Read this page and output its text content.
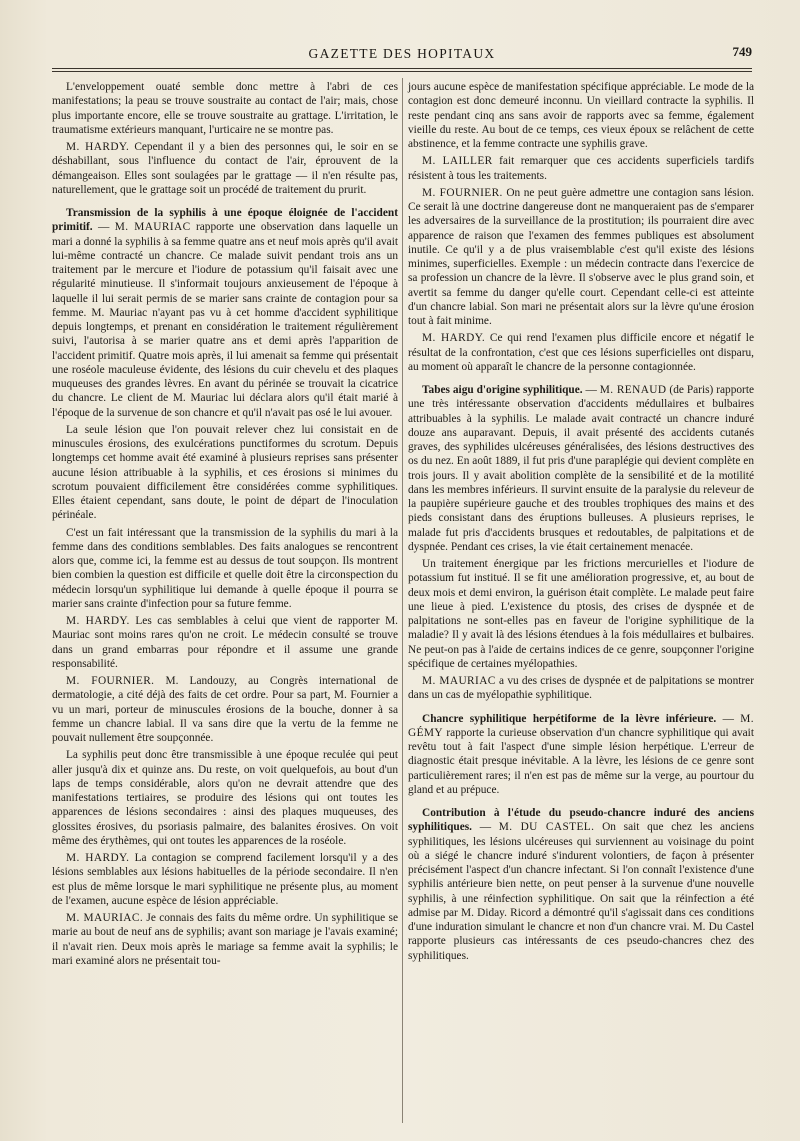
GAZETTE DES HOPITAUX	749

L'enveloppement ouaté semble donc mettre à l'abri de ces manifestations; la peau se trouve soustraite au contact de l'air; mais, chose plus importante encore, elle se trouve soustraite au grattage. L'irritation, le traumatisme extérieurs manquant, l'urticaire ne se montre pas.

M. HARDY. Cependant il y a bien des personnes qui, le soir en se déshabillant, sous l'influence du contact de l'air, éprouvent de la démangeaison. Elles sont soulagées par le grattage — il n'en résulte pas, naturellement, que le grattage soit un procédé de traitement du prurit.

Transmission de la syphilis à une époque éloignée de l'accident primitif. — M. MAURIAC rapporte une observation dans laquelle un mari a donné la syphilis à sa femme quatre ans et neuf mois après qu'il avait lui-même contracté un chancre. Ce malade suivit pendant trois ans un traitement par le mercure et l'iodure de potassium qu'il faisait avec une régularité minutieuse. Il s'informait toujours anxieusement de l'époque à laquelle il lui serait permis de se marier sans crainte de contagion pour sa femme. M. Mauriac n'ayant pas vu à cet homme d'accident syphilitique depuis longtemps, et prenant en considération le traitement régulièrement suivi, l'autorisa à se marier quatre ans et demi après l'apparition de l'accident primitif. Quatre mois après, il lui amenait sa femme qui présentait une roséole maculeuse évidente, des lésions du cuir chevelu et des plaques muqueuses des grandes lèvres. En avant du périnée se trouvait la cicatrice du chancre. Le client de M. Mauriac lui déclara alors qu'il était marié à l'époque de la survenue de son chancre et qu'il n'avait pas osé le lui avouer.

La seule lésion que l'on pouvait relever chez lui consistait en de minuscules érosions, des exulcérations punctiformes du scrotum. Depuis longtemps cet homme avait été examiné à plusieurs reprises sans présenter aucune lésion attribuable à la syphilis, et ces érosions si minimes du scrotum pouvaient difficilement être considérées comme syphilitiques. Elles étaient cependant, sans doute, le point de départ de l'inoculation périnéale.

C'est un fait intéressant que la transmission de la syphilis du mari à la femme dans des conditions semblables. Des faits analogues se rencontrent alors que, comme ici, la femme est au dessus de tout soupçon. Ils montrent bien combien la question est difficile et quelle doit être la circonspection du médecin lorsqu'un syphilitique lui demande à quelle époque il pourra se marier sans crainte d'infection pour sa future femme.

M. HARDY. Les cas semblables à celui que vient de rapporter M. Mauriac sont moins rares qu'on ne croit. Le médecin consulté se trouve dans un grand embarras pour répondre et il assume une grande responsabilité.

M. FOURNIER. M. Landouzy, au Congrès international de dermatologie, a cité déjà des faits de cet ordre. Pour sa part, M. Fournier a vu un mari, porteur de minuscules érosions de la bouche, donner à sa femme un chancre labial. Il va sans dire que la vertu de la femme ne pouvait nullement être soupçonnée.

La syphilis peut donc être transmissible à une époque reculée qui peut aller jusqu'à dix et quinze ans. Du reste, on voit quelquefois, au bout d'un laps de temps considérable, alors qu'on ne devrait attendre que des manifestations tertiaires, se produire des lésions qui ont toutes les apparences de lésions secondaires : ainsi des plaques muqueuses, des glossites érosives, du psoriasis palmaire, des balanites érosives. On voit même des érythèmes, qui ont toutes les apparences de la roséole.

M. HARDY. La contagion se comprend facilement lorsqu'il y a des lésions semblables aux lésions habituelles de la période secondaire. Il n'en est plus de même lorsque le mari syphilitique ne présente plus, au moment de l'examen, aucune espèce de lésion appréciable.

M. MAURIAC. Je connais des faits du même ordre. Un syphilitique se marie au bout de neuf ans de syphilis; avant son mariage je l'avais examiné; il n'avait rien. Deux mois après le mariage sa femme avait la syphilis; le mari examiné alors ne présentait tou-

jours aucune espèce de manifestation spécifique appréciable. Le mode de la contagion est donc demeuré inconnu. Un vieillard contracte la syphilis. Il reste pendant cinq ans sans avoir de rapports avec sa femme, également vieille du reste. Au bout de ce temps, ces vieux époux se relâchent de cette abstinence, et la femme contracte une syphilis grave.

M. LAILLER fait remarquer que ces accidents superficiels tardifs résistent à tous les traitements.

M. FOURNIER. On ne peut guère admettre une contagion sans lésion. Ce serait là une doctrine dangereuse dont ne manqueraient pas de s'emparer les adversaires de la surveillance de la prostitution; ils pourraient dire avec apparence de raison que l'examen des femmes publiques est absolument inutile. Ce qu'il y a de plus vraisemblable c'est qu'il existe des lésions minimes, superficielles. Exemple : un médecin contracte dans l'exercice de sa profession un chancre de la lèvre. Il s'observe avec le plus grand soin, et avertit sa femme du danger qu'elle court. Cependant celle-ci est atteinte d'un chancre labial. Son mari ne présentait alors sur la lèvre qu'une érosion tout à fait minime.

M. HARDY. Ce qui rend l'examen plus difficile encore et négatif le résultat de la confrontation, c'est que ces lésions superficielles ont disparu, au moment où apparaît le chancre de la personne contagionnée.

Tabes aigu d'origine syphilitique. — M. RENAUD (de Paris) rapporte une très intéressante observation d'accidents médullaires et bulbaires attribuables à la syphilis. Le malade avait contracté un chancre induré douze ans auparavant. Depuis, il avait présenté des accidents cutanés graves, des syphilides ulcéreuses généralisées, des lésions destructives des os du nez. En août 1889, il fut pris d'une paraplégie qui devient complète en trois jours. Il y avait abolition complète de la sensibilité et de la motilité dans les membres inférieurs. Il survint ensuite de la paralysie du releveur de la paupière supérieure gauche et des troubles trophiques des mains et des pieds consistant dans des éruptions bulleuses. A plusieurs reprises, le malade fut pris d'accidents brusques et redoutables, de palpitations et de dyspnée. Pendant ces crises, la vie était certainement menacée.

Un traitement énergique par les frictions mercurielles et l'iodure de potassium fut institué. Il se fit une amélioration progressive, et, au bout de deux mois et demi environ, la guérison était complète. Le malade peut faire une lieue à pied. L'existence du ptosis, des crises de dyspnée et de palpitations ne sont-elles pas en faveur de l'origine syphilitique de la maladie? Il y avait là des lésions étendues à la fois médullaires et bulbaires. Ne peut-on pas à l'aide de certains indices de ce genre, soupçonner l'origine spécifique de certaines myélopathies.

M. MAURIAC a vu des crises de dyspnée et de palpitations se montrer dans un cas de myélopathie syphilitique.

Chancre syphilitique herpétiforme de la lèvre inférieure. — M. GÉMY rapporte la curieuse observation d'un chancre syphilitique qui avait revêtu tout à fait l'aspect d'une simple lésion herpétique. L'erreur de diagnostic était presque inévitable. A la lèvre, les lésions de ce genre sont particulièrement rares; il n'en est pas de même sur la verge, au pourtour du gland et au prépuce.

Contribution à l'étude du pseudo-chancre induré des anciens syphilitiques. — M. DU CASTEL. On sait que chez les anciens syphilitiques, les lésions ulcéreuses qui surviennent au voisinage du point où a siégé le chancre induré s'indurent volontiers, de façon à présenter précisément l'aspect d'un chancre infectant. Si l'on connaît l'existence d'une syphilis antérieure bien nette, on peut penser à la survenue d'une nouvelle syphilis, à une réinfection syphilitique. On sait que la réinfection a été admise par M. Diday. Ricord a démontré qu'il s'agissait dans ces conditions d'une induration simulant le chancre et non d'un chancre vrai. M. Du Castel rapporte plusieurs cas intéressants de ces pseudo-chancres chez des syphilitiques.
